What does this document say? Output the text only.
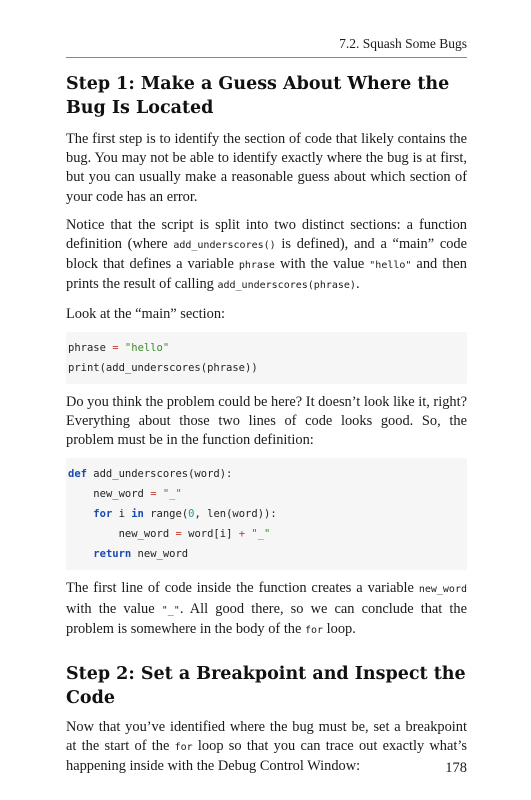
7.2. Squash Some Bugs
Step 1: Make a Guess About Where the Bug Is Located

The first step is to identify the section of code that likely contains the bug. You may not be able to identify exactly where the bug is at first, but you can usually make a reasonable guess about which section of your code has an error.

Notice that the script is split into two distinct sections: a function definition (where add_underscores() is defined), and a “main” code block that defines a variable phrase with the value "hello" and then prints the result of calling add_underscores(phrase).

Look at the “main” section:

phrase = "hello"
print(add_underscores(phrase))

Do you think the problem could be here? It doesn’t look like it, right? Everything about those two lines of code looks good. So, the problem must be in the function definition:

def add_underscores(word):
new_word = "_"
for i in range(0, len(word)):
new_word = word[i] + "_"
return new_word

The first line of code inside the function creates a variable new_word with the value "_". All good there, so we can conclude that the problem is somewhere in the body of the for loop.

Step 2: Set a Breakpoint and Inspect the Code

Now that you’ve identified where the bug must be, set a breakpoint at the start of the for loop so that you can trace out exactly what’s happening inside with the Debug Control Window:	178
